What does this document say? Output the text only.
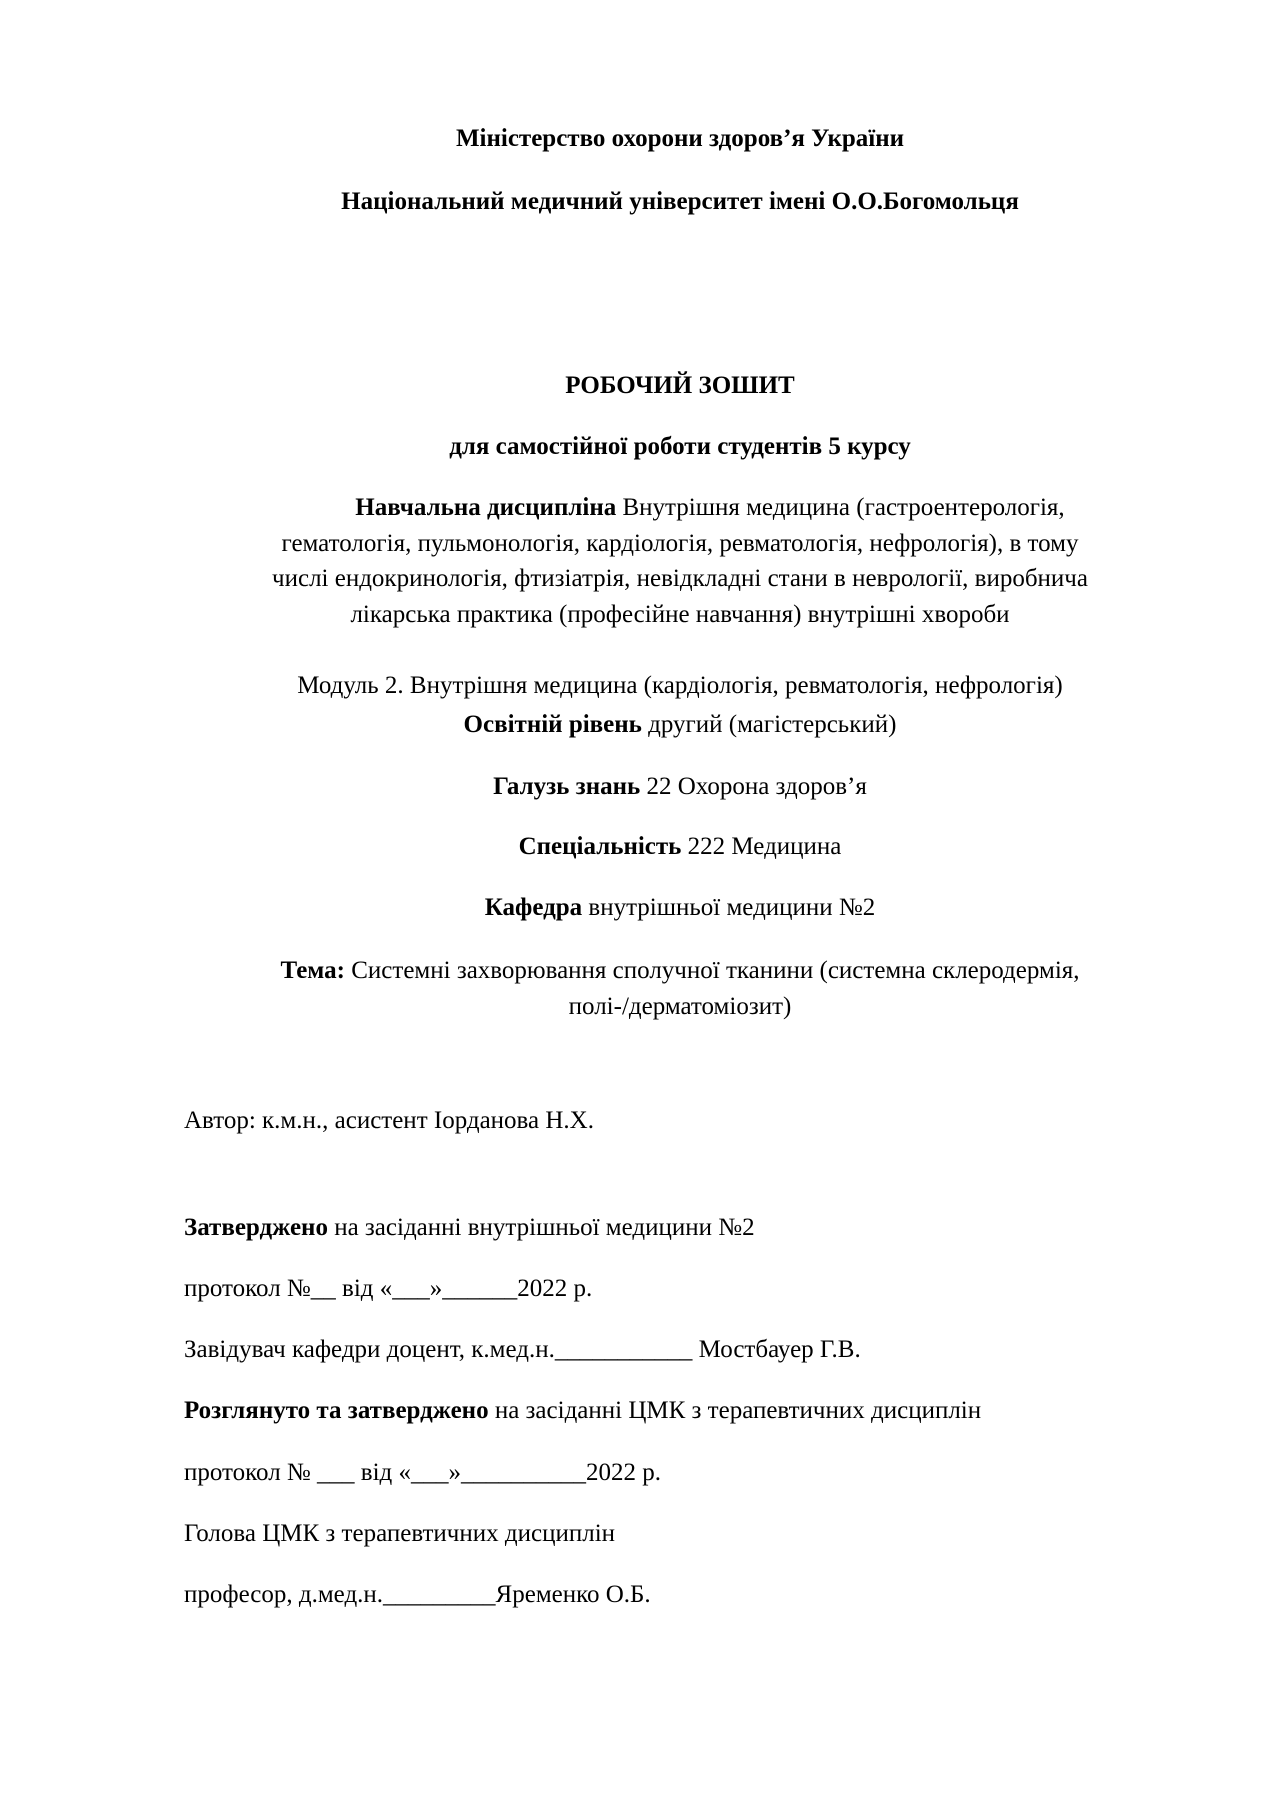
Міністерство охорони здоров’я України
Національний медичний університет імені О.О.Богомольця
РОБОЧИЙ ЗОШИТ
для самостійної роботи студентів 5 курсу
Навчальна дисципліна Внутрішня медицина (гастроентерологія,
гематологія, пульмонологія, кардіологія, ревматологія, нефрологія), в тому
числі ендокринологія, фтизіатрія, невідкладні стани в неврології, виробнича
лікарська практика (професійне навчання) внутрішні хвороби
Модуль 2. Внутрішня медицина (кардіологія, ревматологія, нефрологія)
Освітній рівень другий (магістерський)
Галузь знань 22 Охорона здоров’я
Спеціальність 222 Медицина
Кафедра внутрішньої медицини №2
Тема: Системні захворювання сполучної тканини (системна склеродермія,
полі-/дерматоміозит)
Автор: к.м.н., асистент Іорданова Н.Х.
Затверджено на засіданні внутрішньої медицини №2
протокол №__ від «___»______2022 р.
Завідувач кафедри доцент, к.мед.н.___________ Мостбауер Г.В.
Розглянуто та затверджено на засіданні ЦМК з терапевтичних дисциплін
протокол № ___ від «___»__________2022 р.
Голова ЦМК з терапевтичних дисциплін
професор, д.мед.н._________Яременко О.Б.
